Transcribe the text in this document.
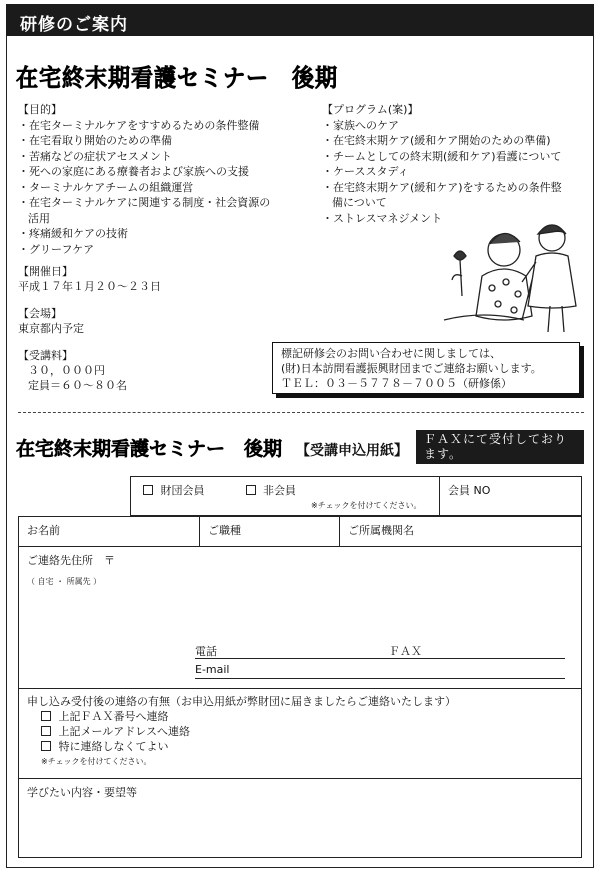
研修のご案内
在宅終末期看護セミナー　後期
【目的】
・ 在宅ターミナルケアをすすめるための条件整備
・ 在宅看取り開始のための準備
・ 苦痛などの症状アセスメント
・ 死への家庭にある療養者および家族への支援
・ ターミナルケアチームの組織運営
・ 在宅ターミナルケアに関連する制度・社会資源の活用
・ 疼痛緩和ケアの技術
・ グリーフケア
【プログラム(案)】
・ 家族へのケア
・ 在宅終末期ケア(緩和ケア開始のための準備)
・ チームとしての終末期(緩和ケア)看護について
・ ケーススタディ
・ 在宅終末期ケア(緩和ケア)をするための条件整備について
・ ストレスマネジメント
【開催日】
平成１７年１月２０～２３日
【会場】
東京都内予定
【受講料】
３０，０００円
定員＝６０～８０名
標記研修会のお問い合わせに関しましては、
(財)日本訪問看護振興財団までご連絡お願いします。
ＴＥＬ：０３－５７７８－７００５（研修係）
在宅終末期看護セミナー　後期 【受講申込用紙】
ＦＡＸにて受付しております。
０３－５７７８－７００９
財団会員	非会員
※チェックを付けてください。
会員 NO
お名前	ご職種	ご所属機関名
ご連絡先住所　〒
（ 自宅 ・ 所属先 ）
電話	ＦＡＸ
E-mail
申し込み受付後の連絡の有無（お申込用紙が弊財団に届きましたらご連絡いたします）
上記ＦＡＸ番号へ連絡
上記メールアドレスへ連絡
特に連絡しなくてよい
※チェックを付けてください。
学びたい内容・要望等
